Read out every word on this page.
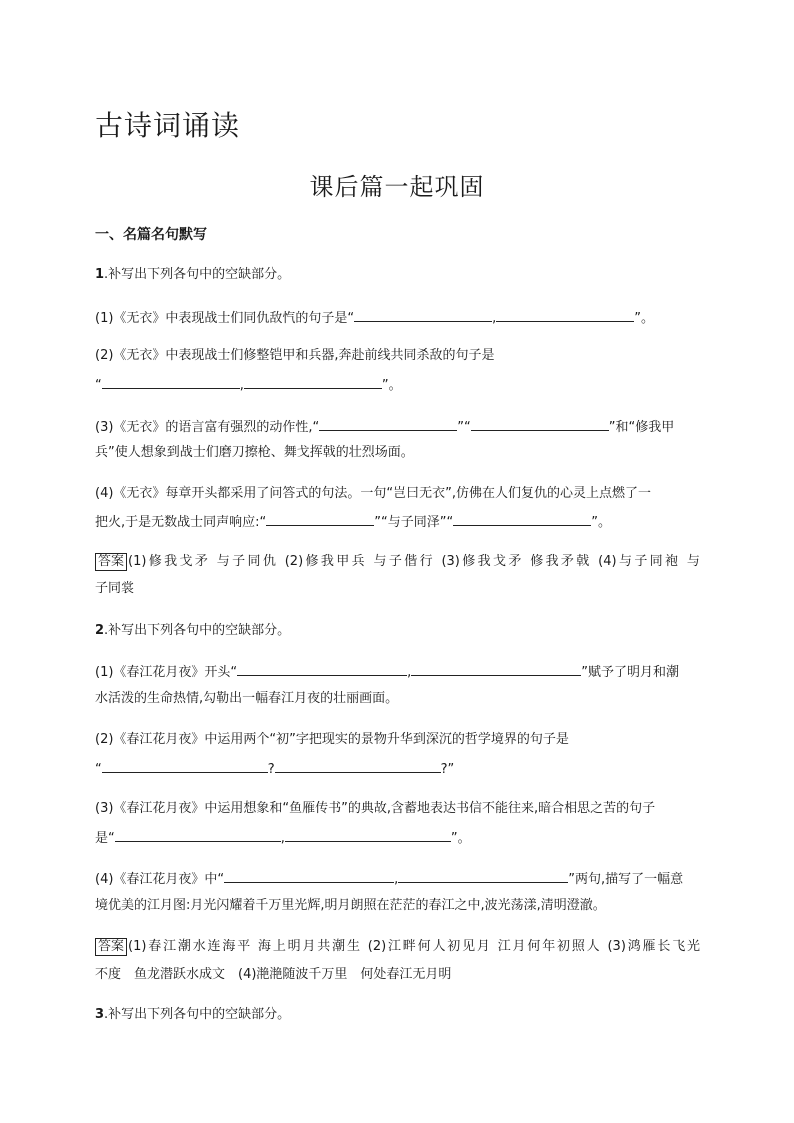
古诗词诵读
课后篇一起巩固
一、名篇名句默写
1.补写出下列各句中的空缺部分。
(1)《无衣》中表现战士们同仇敌忾的句子是“	,	”。
(2)《无衣》中表现战士们修整铠甲和兵器,奔赴前线共同杀敌的句子是
“	,	”。
(3)《无衣》的语言富有强烈的动作性,“	”“	”和“修我甲
兵”使人想象到战士们磨刀擦枪、舞戈挥戟的壮烈场面。
(4)《无衣》每章开头都采用了问答式的句法。一句“岂曰无衣”,仿佛在人们复仇的心灵上点燃了一
把火,于是无数战士同声响应:“	”“与子同泽”“	”。
答案 (1)修我戈矛 与子同仇 (2)修我甲兵 与子偕行 (3)修我戈矛 修我矛戟 (4)与子同袍 与
子同裳
2.补写出下列各句中的空缺部分。
(1)《春江花月夜》开头“	,	”赋予了明月和潮
水活泼的生命热情,勾勒出一幅春江月夜的壮丽画面。
(2)《春江花月夜》中运用两个“初”字把现实的景物升华到深沉的哲学境界的句子是
“	?	?”
(3)《春江花月夜》中运用想象和“鱼雁传书”的典故,含蓄地表达书信不能往来,暗合相思之苦的句子
是“	,	”。
(4)《春江花月夜》中“	,	”两句,描写了一幅意
境优美的江月图:月光闪耀着千万里光辉,明月朗照在茫茫的春江之中,波光荡漾,清明澄澈。
答案 (1)春江潮水连海平 海上明月共潮生 (2)江畔何人初见月 江月何年初照人 (3)鸿雁长飞光
不度　鱼龙潜跃水成文　(4)滟滟随波千万里　何处春江无月明
3.补写出下列各句中的空缺部分。
